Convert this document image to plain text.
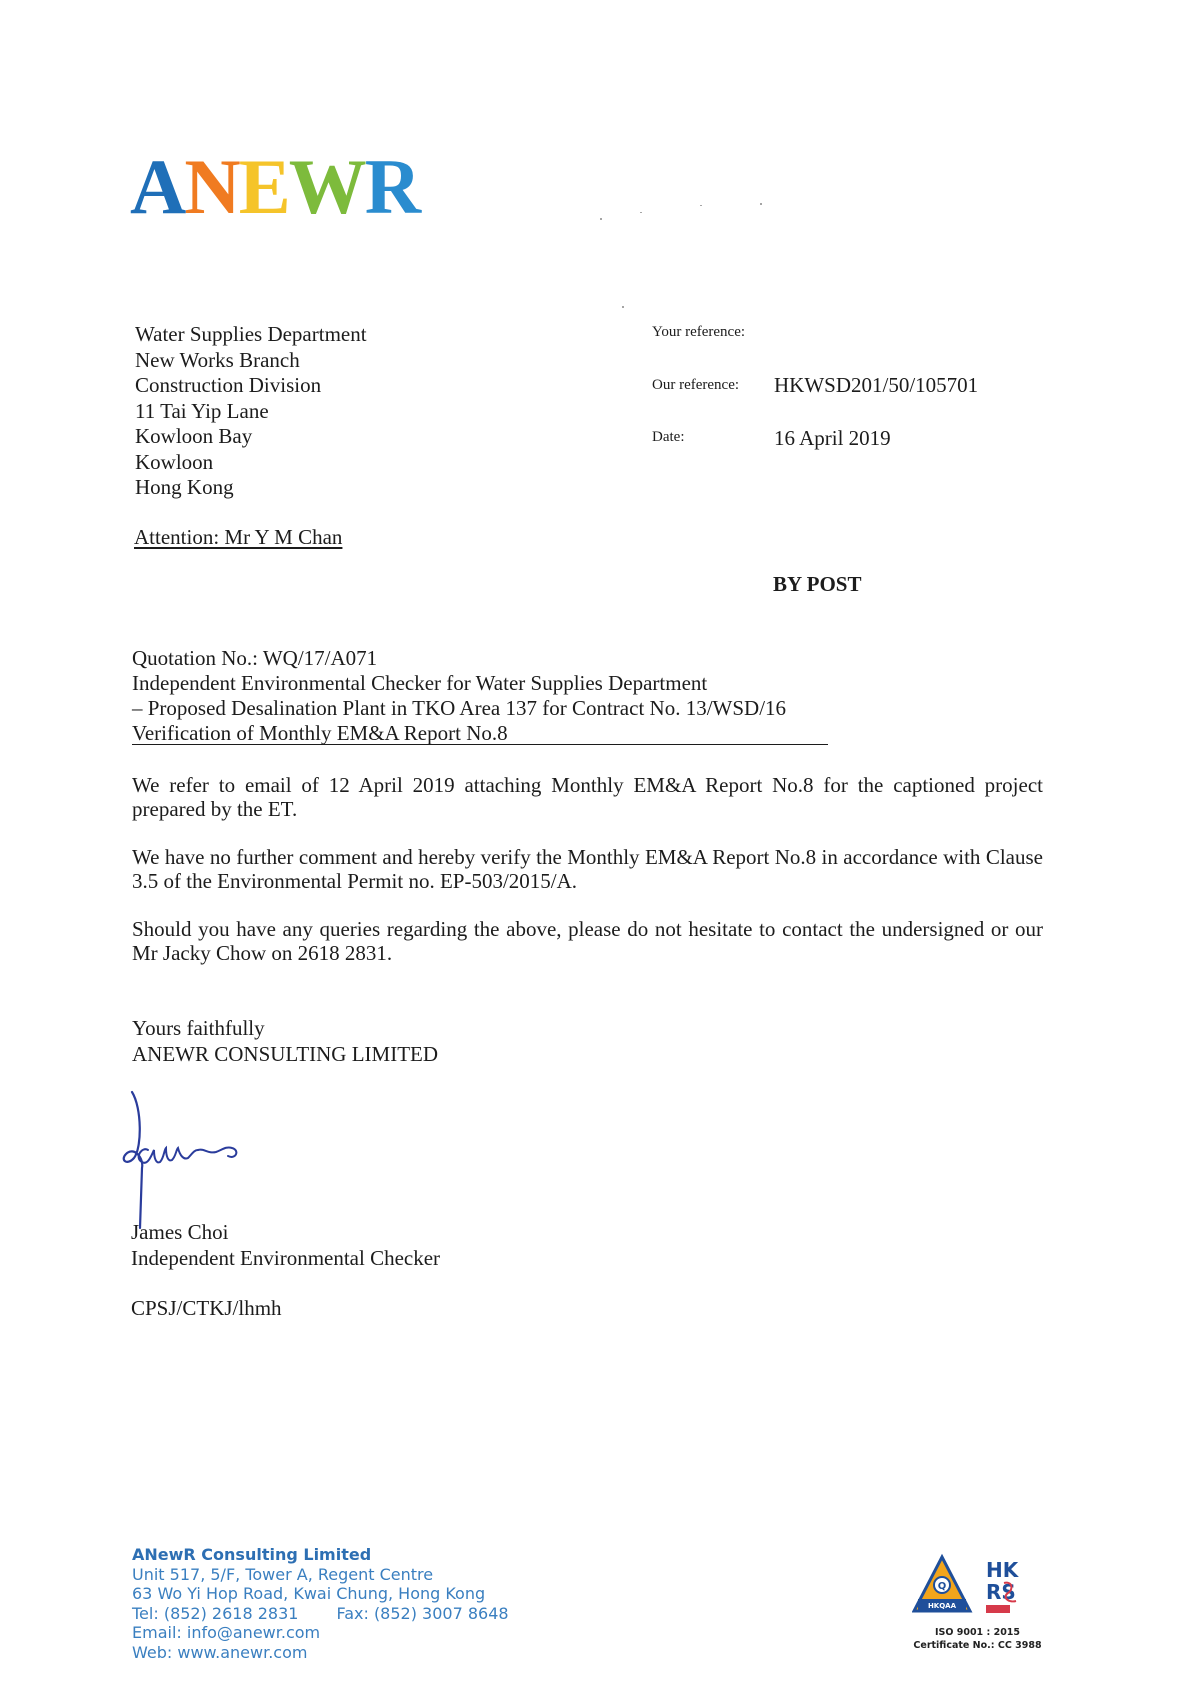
A N E W R
Water Supplies Department
New Works Branch
Construction Division
11 Tai Yip Lane
Kowloon Bay
Kowloon
Hong Kong
Attention: Mr Y M Chan
Your reference:
Our reference: HKWSD201/50/105701
Date:	16 April 2019
BY POST
Quotation No.: WQ/17/A071
Independent Environmental Checker for Water Supplies Department
– Proposed Desalination Plant in TKO Area 137 for Contract No. 13/WSD/16
Verification of Monthly EM&A Report No.8

We refer to email of 12 April 2019 attaching Monthly EM&A Report No.8 for the captioned project prepared by the ET.

We have no further comment and hereby verify the Monthly EM&A Report No.8 in accordance with Clause 3.5 of the Environmental Permit no. EP-503/2015/A.

Should you have any queries regarding the above, please do not hesitate to contact the undersigned or our Mr Jacky Chow on 2618 2831.

Yours faithfully
ANEWR CONSULTING LIMITED
James Choi
Independent Environmental Checker
CPSJ/CTKJ/lhmh
ANewR Consulting Limited
Unit 517, 5/F, Tower A, Regent Centre
63 Wo Yi Hop Road, Kwai Chung, Hong Kong
Tel: (852) 2618 2831 Fax: (852) 3007 8648
Email: info@anewr.com
Web: www.anewr.com
Q
HKQAA
HK
RS
ISO 9001 : 2015
Certificate No.: CC 3988
